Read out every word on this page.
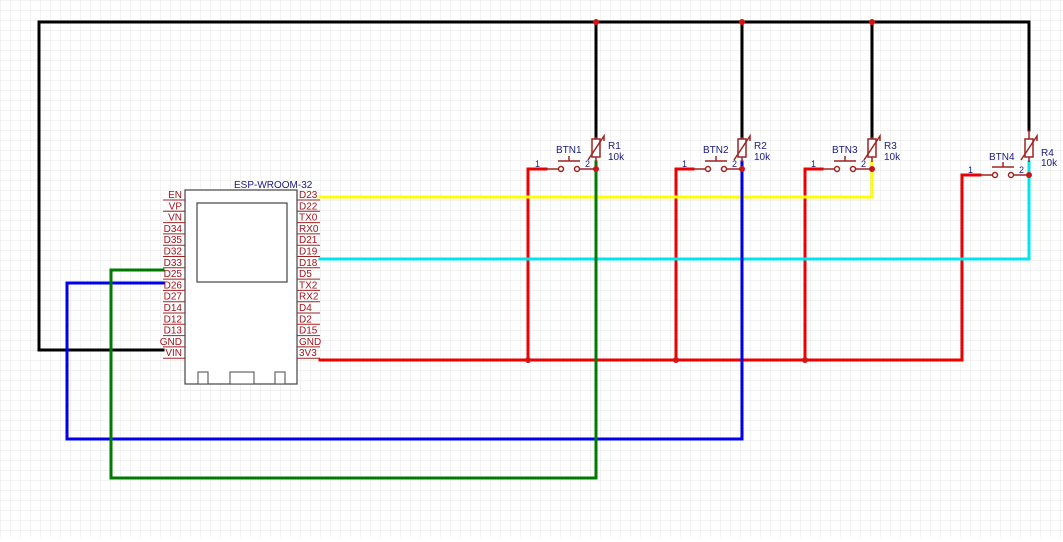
ESP-WROOM-32
EN
VP
VN
D34
D35
D32
D33
D25
D26
D27
D14
D12
D13
GND
VIN
D23
D22
TX0
RX0
D21
D19
D18
D5
TX2
RX2
D4
D2
D15
GND
3V3
BTN1
1	2
R1
10k
BTN2
1	2
R2
10k
BTN3
1	2
R3
10k	BTN4
1	2
R4
10k
